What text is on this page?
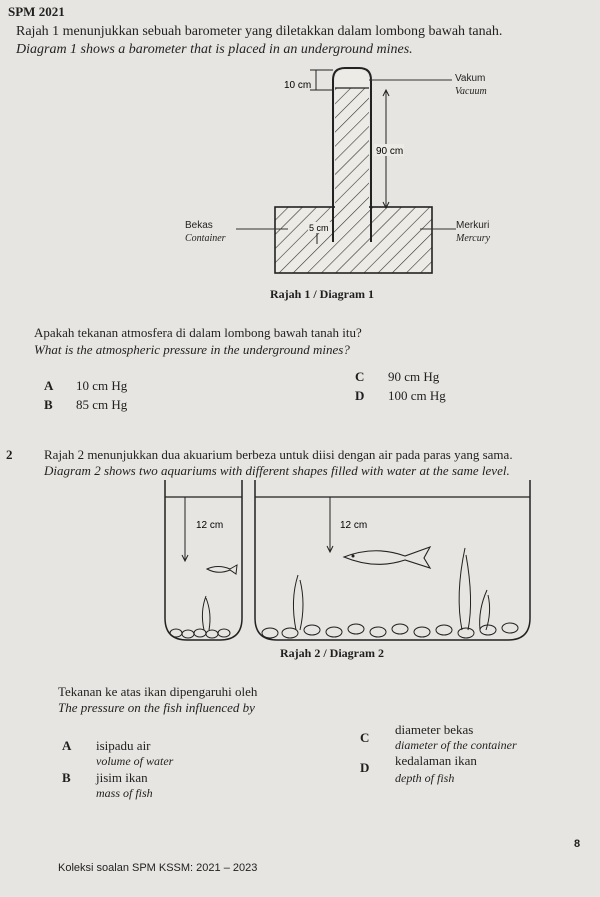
SPM 2021
Rajah 1 menunjukkan sebuah barometer yang diletakkan dalam lombong bawah tanah.
Diagram 1 shows a barometer that is placed in an underground mines.
10 cm
90 cm
5 cm
Vakum
Vacuum
Bekas
Container
Merkuri
Mercury
Rajah 1 / Diagram 1
Apakah tekanan atmosfera di dalam lombong bawah tanah itu?
What is the atmospheric pressure in the underground mines?
A 10 cm Hg
B 85 cm Hg
C 90 cm Hg
D 100 cm Hg
2 Rajah 2 menunjukkan dua akuarium berbeza untuk diisi dengan air pada paras yang sama.
Diagram 2 shows two aquariums with different shapes filled with water at the same level.
12 cm	12 cm
Rajah 2 / Diagram 2
Tekanan ke atas ikan dipengaruhi oleh
The pressure on the fish influenced by
A isipadu air
volume of water
B jisim ikan
mass of fish
C
diameter bekas
diameter of the container
D kedalaman ikan
depth of fish
8
Koleksi soalan SPM KSSM: 2021 – 2023
